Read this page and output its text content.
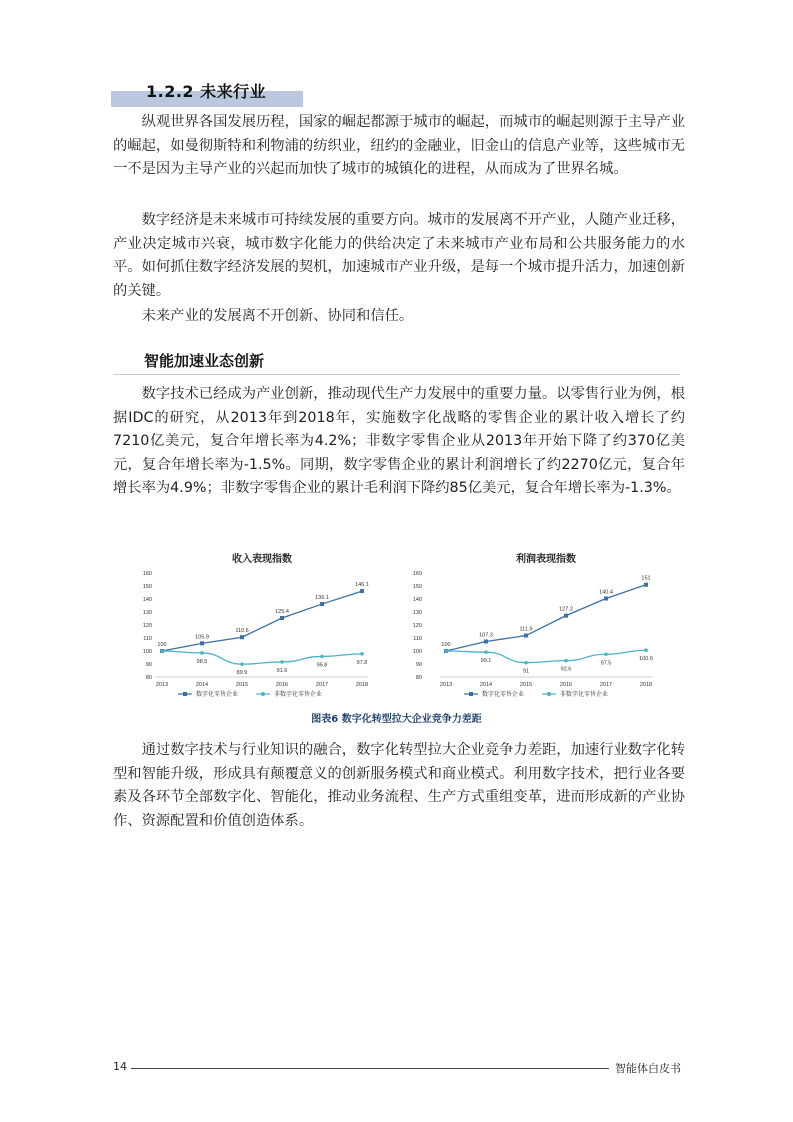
1.2.2 未来行业

纵观世界各国发展历程，国家的崛起都源于城市的崛起，而城市的崛起则源于主导产业的崛起，如曼彻斯特和利物浦的纺织业，纽约的金融业，旧金山的信息产业等，这些城市无一不是因为主导产业的兴起而加快了城市的城镇化的进程，从而成为了世界名城。

数字经济是未来城市可持续发展的重要方向。城市的发展离不开产业，人随产业迁移，产业决定城市兴衰，城市数字化能力的供给决定了未来城市产业布局和公共服务能力的水平。如何抓住数字经济发展的契机，加速城市产业升级，是每一个城市提升活力，加速创新的关键。

未来产业的发展离不开创新、协同和信任。

智能加速业态创新

数字技术已经成为产业创新，推动现代生产力发展中的重要力量。以零售行业为例，根据IDC的研究，从2013年到2018年，实施数字化战略的零售企业的累计收入增长了约7210亿美元，复合年增长率为4.2%；非数字零售企业从2013年开始下降了约370亿美元，复合年增长率为-1.5%。同期，数字零售企业的累计利润增长了约2270亿元，复合年增长率为4.9%；非数字零售企业的累计毛利润下降约85亿美元，复合年增长率为-1.3%。

收入表现指数
80
90
100
110
120
130
140
150
160
2013	2014	2015	2016	2017	2018
100
105.9
110.6
125.4
136.1
146.1
98.5
89.9	91.6
95.8	97.8
数字化零售企业	非数字化零售企业
利润表现指数
80
90
100
110
120
130
140
150
160
2013	2014	2015	2016	2017	2018
100
107.3
111.9
127.2
140.4
151
99.1
91	92.6
97.5
100.6
数字化零售企业	非数字化零售企业
图表6 数字化转型拉大企业竞争力差距

通过数字技术与行业知识的融合，数字化转型拉大企业竞争力差距，加速行业数字化转型和智能升级，形成具有颠覆意义的创新服务模式和商业模式。利用数字技术，把行业各要素及各环节全部数字化、智能化，推动业务流程、生产方式重组变革，进而形成新的产业协作、资源配置和价值创造体系。

14	智能体白皮书
